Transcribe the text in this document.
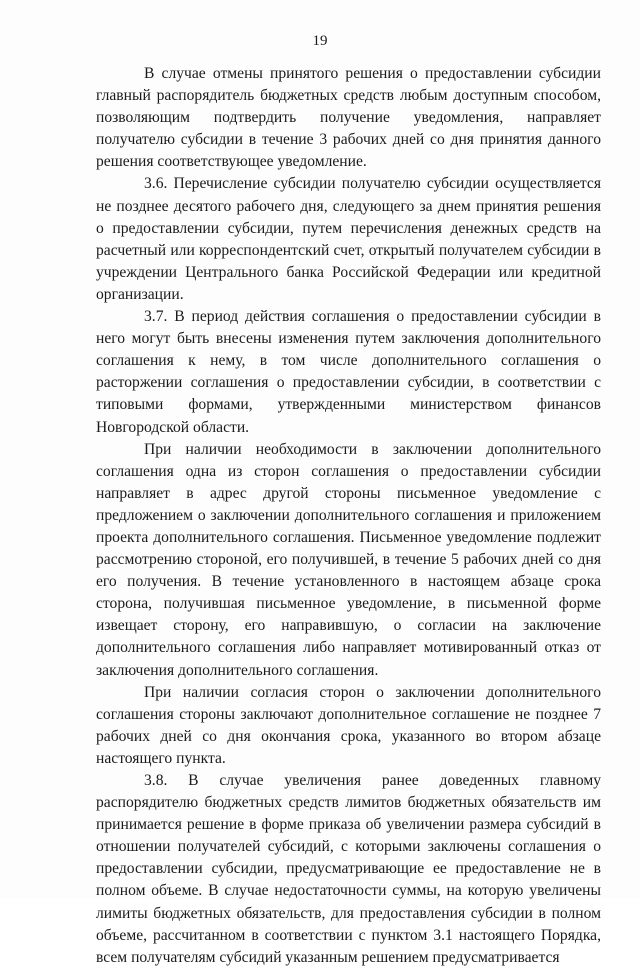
19

В случае отмены принятого решения о предоставлении субсидии главный распорядитель бюджетных средств любым доступным способом, позволяющим подтвердить получение уведомления, направляет получателю субсидии в течение 3 рабочих дней со дня принятия данного решения соответствующее уведомление.

3.6. Перечисление субсидии получателю субсидии осуществляется не позднее десятого рабочего дня, следующего за днем принятия решения о предоставлении субсидии, путем перечисления денежных средств на расчетный или корреспондентский счет, открытый получателем субсидии в учреждении Центрального банка Российской Федерации или кредитной организации.

3.7. В период действия соглашения о предоставлении субсидии в него могут быть внесены изменения путем заключения дополнительного соглашения к нему, в том числе дополнительного соглашения о расторжении соглашения о предоставлении субсидии, в соответствии с типовыми формами, утвержденными министерством финансов Новгородской области.

При наличии необходимости в заключении дополнительного соглашения одна из сторон соглашения о предоставлении субсидии направляет в адрес другой стороны письменное уведомление с предложением о заключении дополнительного соглашения и приложением проекта дополнительного соглашения. Письменное уведомление подлежит рассмотрению стороной, его получившей, в течение 5 рабочих дней со дня его получения. В течение установленного в настоящем абзаце срока сторона, получившая письменное уведомление, в письменной форме извещает сторону, его направившую, о согласии на заключение дополнительного соглашения либо направляет мотивированный отказ от заключения дополнительного соглашения.

При наличии согласия сторон о заключении дополнительного соглашения стороны заключают дополнительное соглашение не позднее 7 рабочих дней со дня окончания срока, указанного во втором абзаце настоящего пункта.

3.8. В случае увеличения ранее доведенных главному распорядителю бюджетных средств лимитов бюджетных обязательств им принимается решение в форме приказа об увеличении размера субсидий в отношении получателей субсидий, с которыми заключены соглашения о предоставлении субсидии, предусматривающие ее предоставление не в полном объеме. В случае недостаточности суммы, на которую увеличены лимиты бюджетных обязательств, для предоставления субсидии в полном объеме, рассчитанном в соответствии с пунктом 3.1 настоящего Порядка, всем получателям субсидий указанным решением предусматривается
